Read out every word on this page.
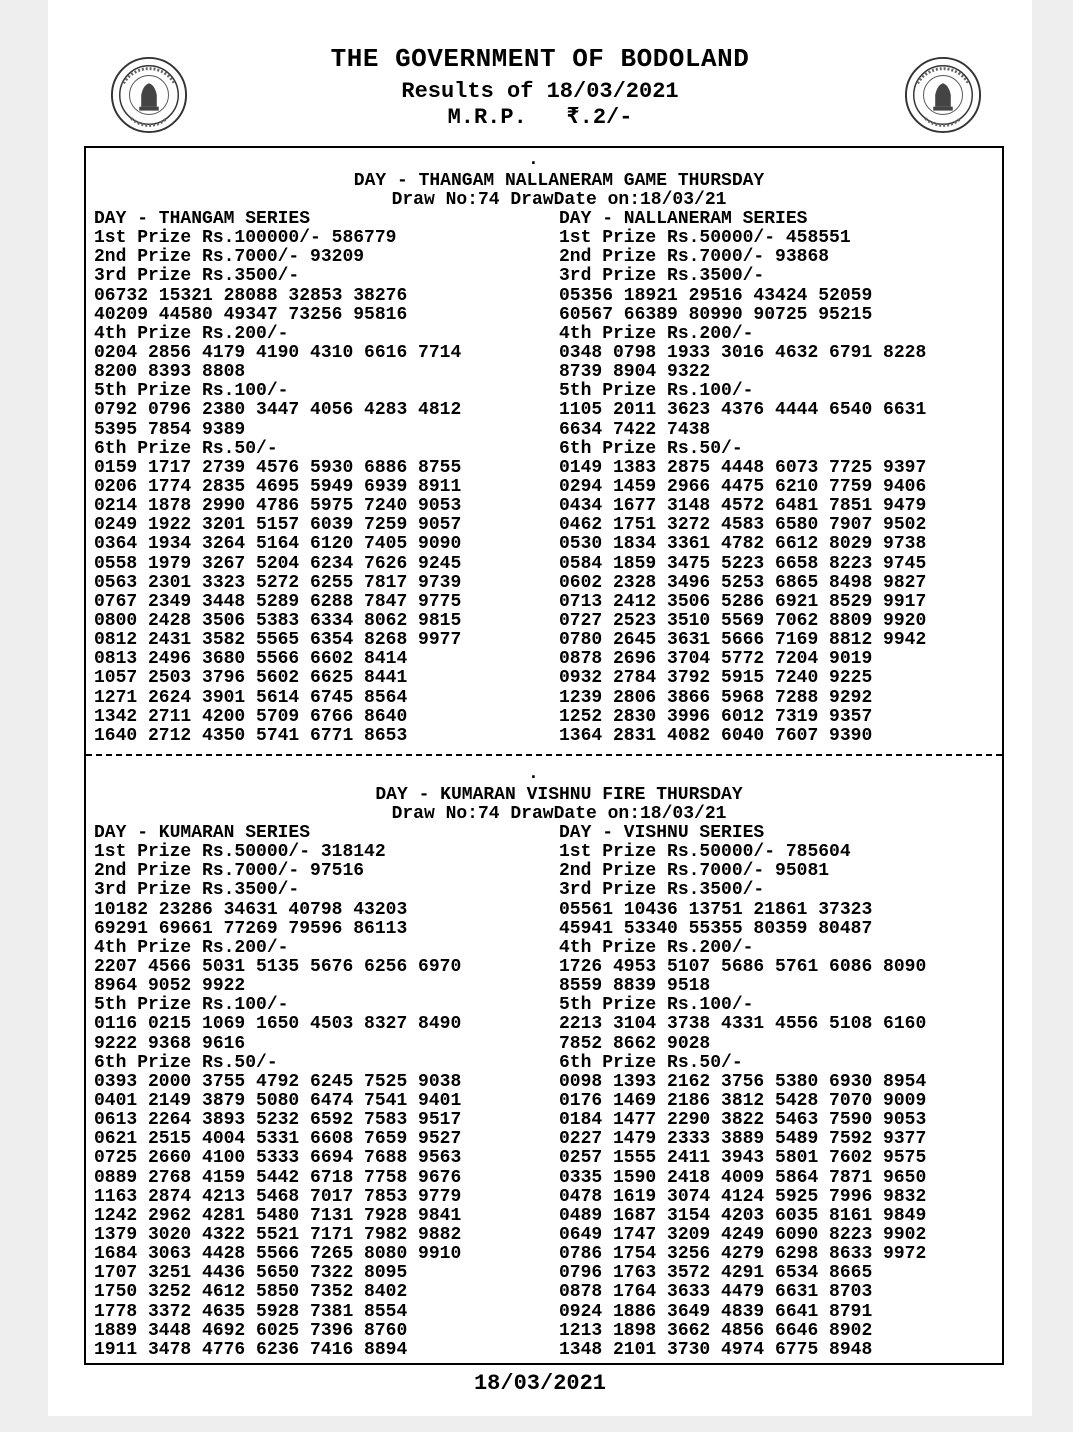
THE GOVERNMENT OF BODOLAND
Results of 18/03/2021
M.R.P.   ₹.2/-
.
DAY - THANGAM NALLANERAM GAME THURSDAY
Draw No:74 DrawDate on:18/03/21
DAY - THANGAM SERIES
1st Prize Rs.100000/- 586779
2nd Prize Rs.7000/- 93209
3rd Prize Rs.3500/-
06732 15321 28088 32853 38276
40209 44580 49347 73256 95816
4th Prize Rs.200/-
0204 2856 4179 4190 4310 6616 7714
8200 8393 8808
5th Prize Rs.100/-
0792 0796 2380 3447 4056 4283 4812
5395 7854 9389
6th Prize Rs.50/-
0159 1717 2739 4576 5930 6886 8755
0206 1774 2835 4695 5949 6939 8911
0214 1878 2990 4786 5975 7240 9053
0249 1922 3201 5157 6039 7259 9057
0364 1934 3264 5164 6120 7405 9090
0558 1979 3267 5204 6234 7626 9245
0563 2301 3323 5272 6255 7817 9739
0767 2349 3448 5289 6288 7847 9775
0800 2428 3506 5383 6334 8062 9815
0812 2431 3582 5565 6354 8268 9977
0813 2496 3680 5566 6602 8414
1057 2503 3796 5602 6625 8441
1271 2624 3901 5614 6745 8564
1342 2711 4200 5709 6766 8640
1640 2712 4350 5741 6771 8653
DAY - NALLANERAM SERIES
1st Prize Rs.50000/- 458551
2nd Prize Rs.7000/- 93868
3rd Prize Rs.3500/-
05356 18921 29516 43424 52059
60567 66389 80990 90725 95215
4th Prize Rs.200/-
0348 0798 1933 3016 4632 6791 8228
8739 8904 9322
5th Prize Rs.100/-
1105 2011 3623 4376 4444 6540 6631
6634 7422 7438
6th Prize Rs.50/-
0149 1383 2875 4448 6073 7725 9397
0294 1459 2966 4475 6210 7759 9406
0434 1677 3148 4572 6481 7851 9479
0462 1751 3272 4583 6580 7907 9502
0530 1834 3361 4782 6612 8029 9738
0584 1859 3475 5223 6658 8223 9745
0602 2328 3496 5253 6865 8498 9827
0713 2412 3506 5286 6921 8529 9917
0727 2523 3510 5569 7062 8809 9920
0780 2645 3631 5666 7169 8812 9942
0878 2696 3704 5772 7204 9019
0932 2784 3792 5915 7240 9225
1239 2806 3866 5968 7288 9292
1252 2830 3996 6012 7319 9357
1364 2831 4082 6040 7607 9390
.
DAY - KUMARAN VISHNU FIRE THURSDAY
Draw No:74 DrawDate on:18/03/21
DAY - KUMARAN SERIES
1st Prize Rs.50000/- 318142
2nd Prize Rs.7000/- 97516
3rd Prize Rs.3500/-
10182 23286 34631 40798 43203
69291 69661 77269 79596 86113
4th Prize Rs.200/-
2207 4566 5031 5135 5676 6256 6970
8964 9052 9922
5th Prize Rs.100/-
0116 0215 1069 1650 4503 8327 8490
9222 9368 9616
6th Prize Rs.50/-
0393 2000 3755 4792 6245 7525 9038
0401 2149 3879 5080 6474 7541 9401
0613 2264 3893 5232 6592 7583 9517
0621 2515 4004 5331 6608 7659 9527
0725 2660 4100 5333 6694 7688 9563
0889 2768 4159 5442 6718 7758 9676
1163 2874 4213 5468 7017 7853 9779
1242 2962 4281 5480 7131 7928 9841
1379 3020 4322 5521 7171 7982 9882
1684 3063 4428 5566 7265 8080 9910
1707 3251 4436 5650 7322 8095
1750 3252 4612 5850 7352 8402
1778 3372 4635 5928 7381 8554
1889 3448 4692 6025 7396 8760
1911 3478 4776 6236 7416 8894
DAY - VISHNU SERIES
1st Prize Rs.50000/- 785604
2nd Prize Rs.7000/- 95081
3rd Prize Rs.3500/-
05561 10436 13751 21861 37323
45941 53340 55355 80359 80487
4th Prize Rs.200/-
1726 4953 5107 5686 5761 6086 8090
8559 8839 9518
5th Prize Rs.100/-
2213 3104 3738 4331 4556 5108 6160
7852 8662 9028
6th Prize Rs.50/-
0098 1393 2162 3756 5380 6930 8954
0176 1469 2186 3812 5428 7070 9009
0184 1477 2290 3822 5463 7590 9053
0227 1479 2333 3889 5489 7592 9377
0257 1555 2411 3943 5801 7602 9575
0335 1590 2418 4009 5864 7871 9650
0478 1619 3074 4124 5925 7996 9832
0489 1687 3154 4203 6035 8161 9849
0649 1747 3209 4249 6090 8223 9902
0786 1754 3256 4279 6298 8633 9972
0796 1763 3572 4291 6534 8665
0878 1764 3633 4479 6631 8703
0924 1886 3649 4839 6641 8791
1213 1898 3662 4856 6646 8902
1348 2101 3730 4974 6775 8948
18/03/2021
